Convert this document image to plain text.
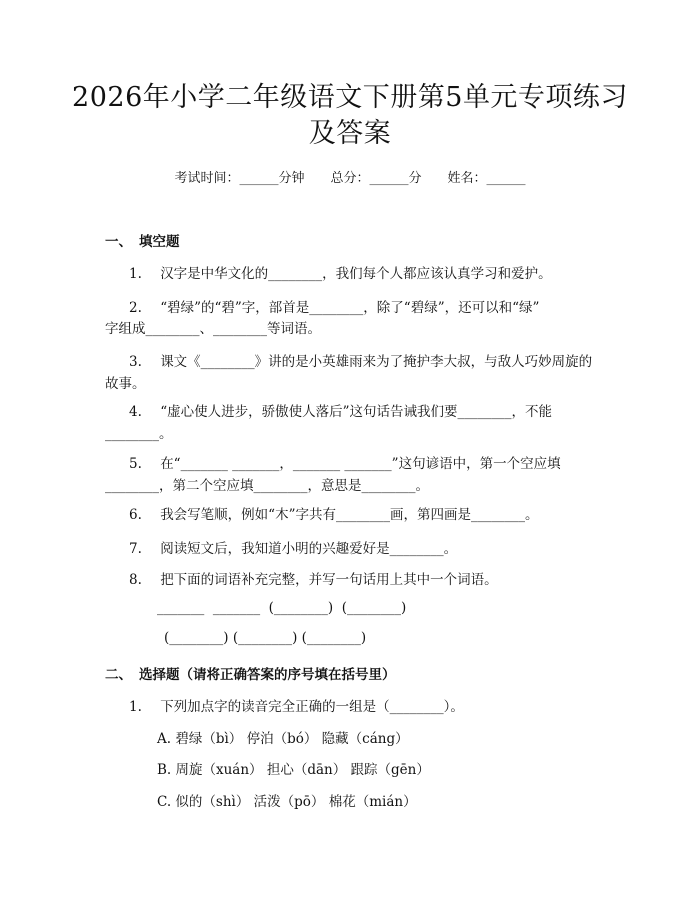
2026年小学二年级语文下册第5单元专项练习及答案
考试时间：______分钟 总分：______分 姓名：______
一、 填空题
1. 汉字是中华文化的________，我们每个人都应该认真学习和爱护。
2. “碧绿”的“碧”字，部首是________，除了“碧绿”，还可以和“绿”
字组成________、________等词语。
3. 课文《________》讲的是小英雄雨来为了掩护李大叔，与敌人巧妙周旋的
故事。
4. “虚心使人进步，骄傲使人落后”这句话告诫我们要________，不能
________。
5. 在“_______ _______，_______ _______”这句谚语中，第一个空应填
________，第二个空应填________，意思是________。
6. 我会写笔顺，例如“木”字共有________画，第四画是________。
7. 阅读短文后，我知道小明的兴趣爱好是________。
8. 把下面的词语补充完整，并写一句话用上其中一个词语。
_______  _______  (________)  (________)
(________) (________) (________)
二、 选择题（请将正确答案的序号填在括号里）
1. 下列加点字的读音完全正确的一组是（________）。
A. 碧绿（bì） 停泊（bó） 隐藏（cáng）
B. 周旋（xuán） 担心（dān） 跟踪（gēn）
C. 似的（shì） 活泼（pō） 棉花（mián）
